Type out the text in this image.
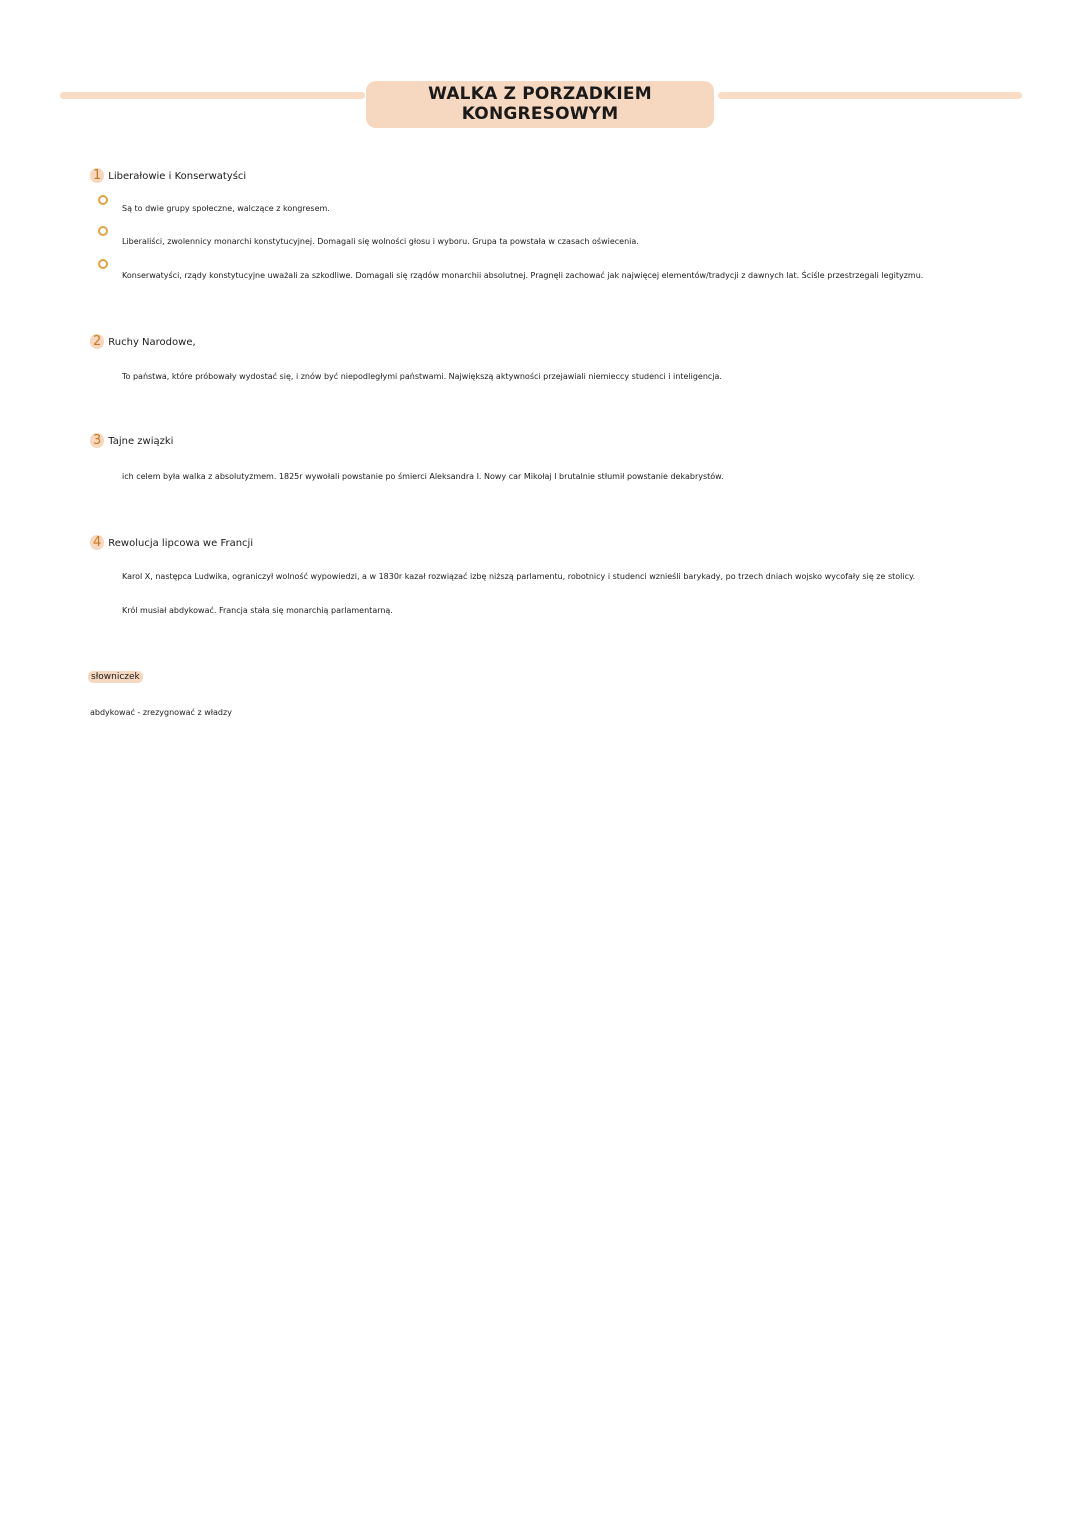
WALKA Z PORZADKIEM KONGRESOWYM
1 Liberałowie i Konserwatyści
Są to dwie grupy społeczne, walczące z kongresem.
Liberaliści, zwolennicy monarchi konstytucyjnej. Domagali się wolności głosu i wyboru. Grupa ta powstała w czasach oświecenia.
Konserwatyści, rządy konstytucyjne uważali za szkodliwe. Domagali się rządów monarchii absolutnej. Pragnęli zachować jak najwięcej elementów/tradycji z dawnych lat. Ściśle przestrzegali legityzmu.
2 Ruchy Narodowe,
To państwa, które próbowały wydostać się, i znów być niepodległymi państwami. Największą aktywności przejawiali niemieccy studenci i inteligencja.
3 Tajne związki
ich celem była walka z absolutyzmem. 1825r wywołali powstanie po śmierci Aleksandra I. Nowy car Mikołaj I brutalnie stłumił powstanie dekabrystów.
4 Rewolucja lipcowa we Francji
Karol X, następca Ludwika, ograniczył wolność wypowiedzi, a w 1830r kazał rozwiązać izbę niższą parlamentu, robotnicy i studenci wznieśli barykady, po trzech dniach wojsko wycofały się ze stolicy.
Król musiał abdykować. Francja stała się monarchią parlamentarną.
słowniczek
abdykować - zrezygnować z władzy
